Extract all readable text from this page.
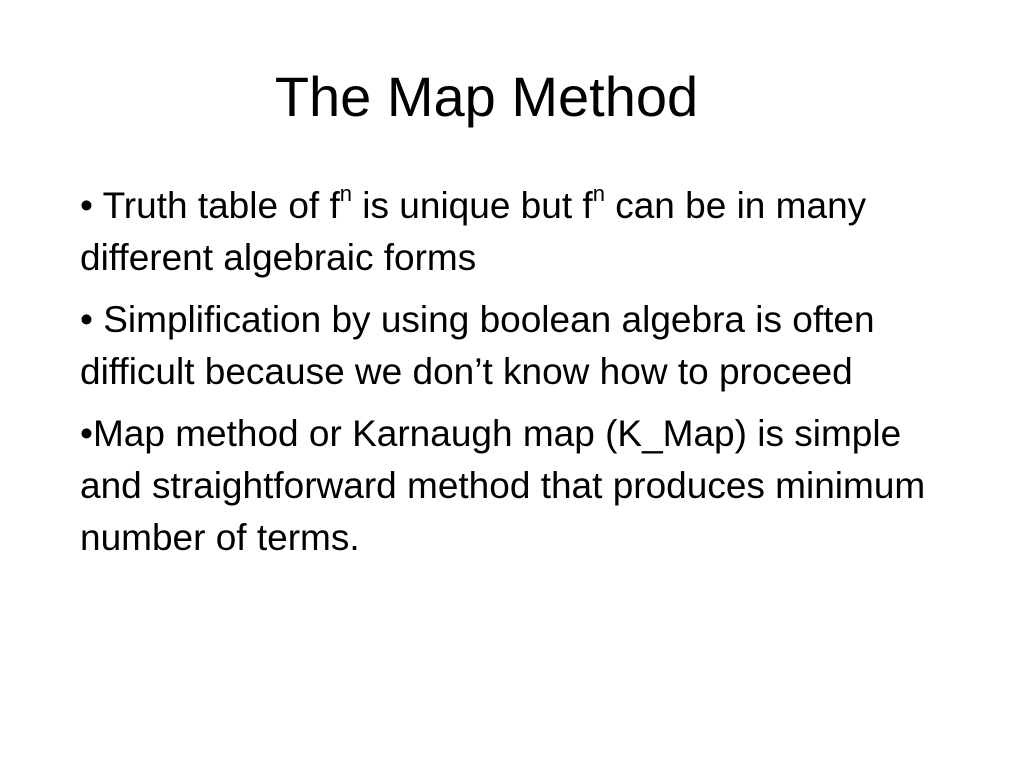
The Map Method

• Truth table of $f^n$ is unique but $f^n$ can be in many different algebraic forms

• Simplification by using boolean algebra is often difficult because we don’t know how to proceed

•Map method or Karnaugh map (K_Map) is simple and straightforward method that produces minimum number of terms.
